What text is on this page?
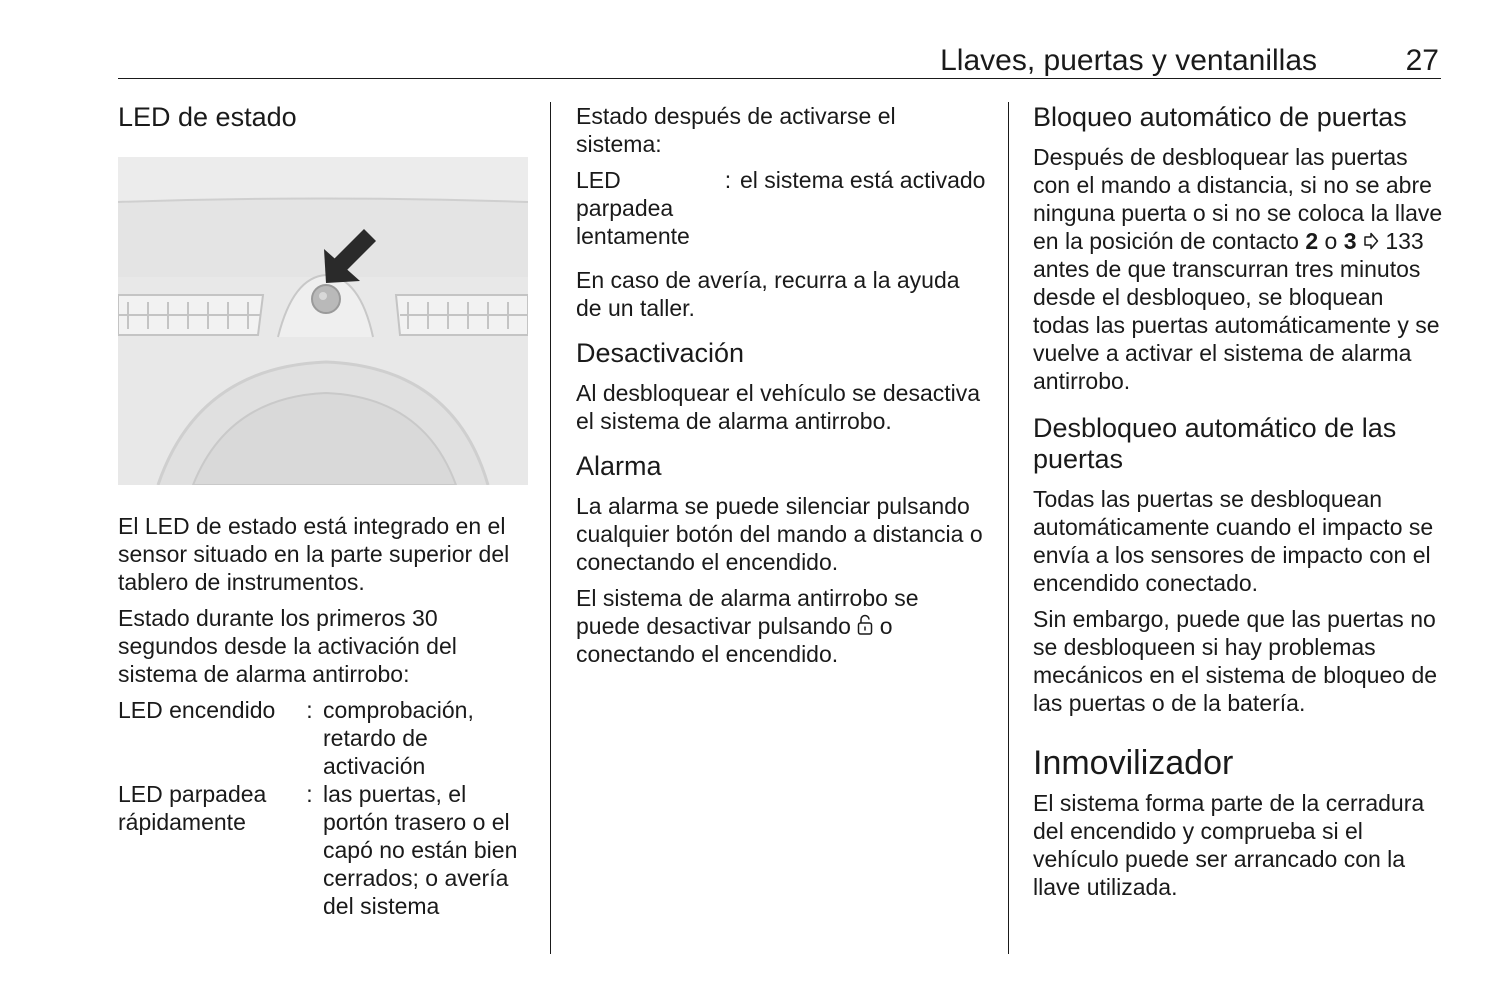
Llaves, puertas y ventanillas	27
LED de estado

El LED de estado está integrado en el sensor situado en la parte superior del tablero de instrumentos.

Estado durante los primeros 30 segundos desde la activación del sistema de alarma antirrobo:

LED encendido	: comprobación, retardo de activación
LED parpadea rápidamente
: las puertas, el portón trasero o el capó no están bien cerrados; o avería del sistema

Estado después de activarse el sistema:

LED parpadea lentamente
: el sistema está activado

En caso de avería, recurra a la ayuda de un taller.

Desactivación

Al desbloquear el vehículo se desactiva el sistema de alarma antirrobo.

Alarma

La alarma se puede silenciar pulsando cualquier botón del mando a distancia o conectando el encendido.

El sistema de alarma antirrobo se puede desactivar pulsando o conectando el encendido.

Bloqueo automático de puertas

Después de desbloquear las puertas con el mando a distancia, si no se abre ninguna puerta o si no se coloca la llave en la posición de contacto 2 o 3 133 antes de que transcurran tres minutos desde el desbloqueo, se bloquean todas las puertas automáticamente y se vuelve a activar el sistema de alarma antirrobo.

Desbloqueo automático de las puertas

Todas las puertas se desbloquean automáticamente cuando el impacto se envía a los sensores de impacto con el encendido conectado.

Sin embargo, puede que las puertas no se desbloqueen si hay problemas mecánicos en el sistema de bloqueo de las puertas o de la batería.

Inmovilizador

El sistema forma parte de la cerradura del encendido y comprueba si el vehículo puede ser arrancado con la llave utilizada.
